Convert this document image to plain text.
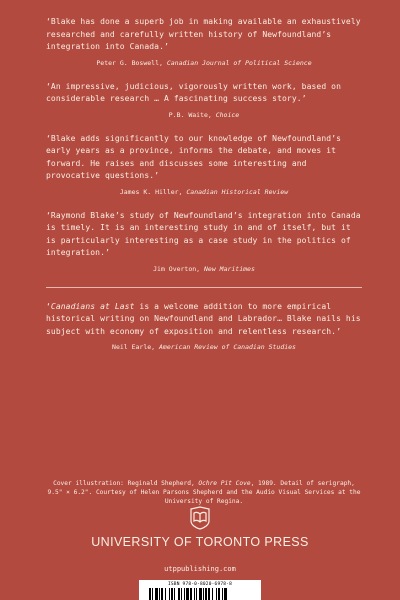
‘Blake has done a superb job in making available an exhaustively researched and carefully written history of Newfoundland’s integration into Canada.’

Peter G. Boswell, Canadian Journal of Political Science

‘An impressive, judicious, vigorously written work, based on considerable research … A fascinating success story.’

P.B. Waite, Choice

‘Blake adds significantly to our knowledge of Newfoundland’s early years as a province, informs the debate, and moves it forward. He raises and discusses some interesting and provocative questions.’

James K. Hiller, Canadian Historical Review

‘Raymond Blake’s study of Newfoundland’s integration into Canada is timely. It is an interesting study in and of itself, but it is particularly interesting as a case study in the politics of integration.’

Jim Overton, New Maritimes

‘Canadians at Last is a welcome addition to more empirical historical writing on Newfoundland and Labrador… Blake nails his subject with economy of exposition and relentless research.’

Neil Earle, American Review of Canadian Studies

Cover illustration: Reginald Shepherd, Ochre Pit Cove, 1989. Detail of serigraph, 9.5" × 6.2". Courtesy of Helen Parsons Shepherd and the Audio Visual Services at the University of Regina.

UNIVERSITY OF TORONTO PRESS

utppublishing.com
ISBN 978-0-8020-6978-8
